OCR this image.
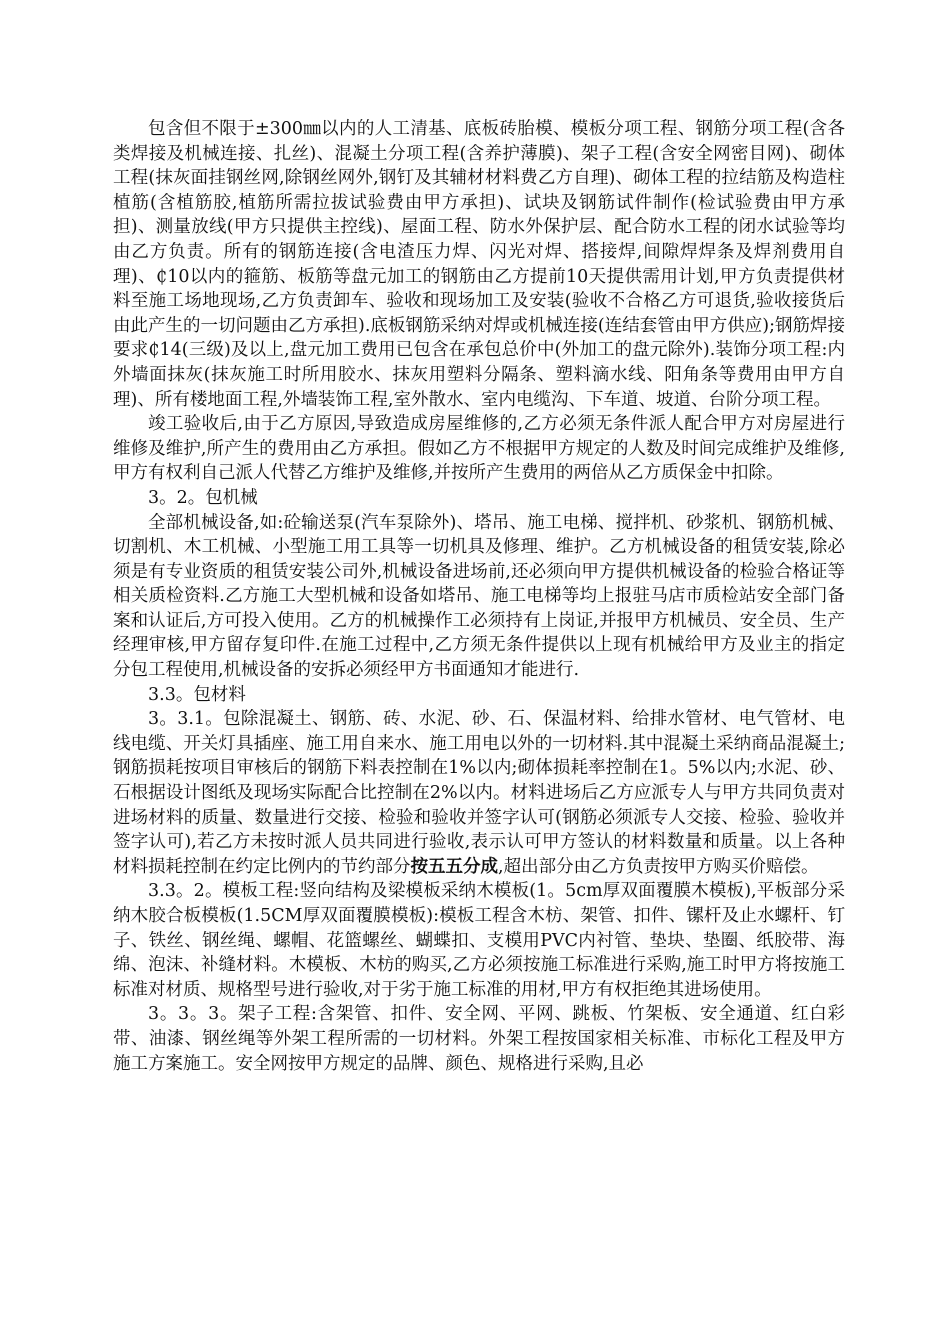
包含但不限于±300㎜以内的人工清基、底板砖胎模、模板分项工程、钢筋分项工程(含各类焊接及机械连接、扎丝)、混凝土分项工程(含养护薄膜)、架子工程(含安全网密目网)、砌体工程(抹灰面挂钢丝网,除钢丝网外,钢钉及其辅材材料费乙方自理)、砌体工程的拉结筋及构造柱植筋(含植筋胶,植筋所需拉拔试验费由甲方承担)、试块及钢筋试件制作(检试验费由甲方承担)、测量放线(甲方只提供主控线)、屋面工程、防水外保护层、配合防水工程的闭水试验等均由乙方负责。所有的钢筋连接(含电渣压力焊、闪光对焊、搭接焊,间隙焊焊条及焊剂费用自理)、₵10以内的箍筋、板筋等盘元加工的钢筋由乙方提前10天提供需用计划,甲方负责提供材料至施工场地现场,乙方负责卸车、验收和现场加工及安装(验收不合格乙方可退货,验收接货后由此产生的一切问题由乙方承担).底板钢筋采纳对焊或机械连接(连结套管由甲方供应);钢筋焊接要求₵14(三级)及以上,盘元加工费用已包含在承包总价中(外加工的盘元除外).装饰分项工程:内外墙面抹灰(抹灰施工时所用胶水、抹灰用塑料分隔条、塑料滴水线、阳角条等费用由甲方自理)、所有楼地面工程,外墙装饰工程,室外散水、室内电缆沟、下车道、坡道、台阶分项工程。

竣工验收后,由于乙方原因,导致造成房屋维修的,乙方必须无条件派人配合甲方对房屋进行维修及维护,所产生的费用由乙方承担。假如乙方不根据甲方规定的人数及时间完成维护及维修,甲方有权利自己派人代替乙方维护及维修,并按所产生费用的两倍从乙方质保金中扣除。

3。2。包机械

全部机械设备,如:砼输送泵(汽车泵除外)、塔吊、施工电梯、搅拌机、砂浆机、钢筋机械、切割机、木工机械、小型施工用工具等一切机具及修理、维护。乙方机械设备的租赁安装,除必须是有专业资质的租赁安装公司外,机械设备进场前,还必须向甲方提供机械设备的检验合格证等相关质检资料.乙方施工大型机械和设备如塔吊、施工电梯等均上报驻马店市质检站安全部门备案和认证后,方可投入使用。乙方的机械操作工必须持有上岗证,并报甲方机械员、安全员、生产经理审核,甲方留存复印件.在施工过程中,乙方须无条件提供以上现有机械给甲方及业主的指定分包工程使用,机械设备的安拆必须经甲方书面通知才能进行.

3.3。包材料

3。3.1。包除混凝土、钢筋、砖、水泥、砂、石、保温材料、给排水管材、电气管材、电线电缆、开关灯具插座、施工用自来水、施工用电以外的一切材料.其中混凝土采纳商品混凝土;钢筋损耗按项目审核后的钢筋下料表控制在1%以内;砌体损耗率控制在1。5%以内;水泥、砂、石根据设计图纸及现场实际配合比控制在2%以内。材料进场后乙方应派专人与甲方共同负责对进场材料的质量、数量进行交接、检验和验收并签字认可(钢筋必须派专人交接、检验、验收并签字认可),若乙方未按时派人员共同进行验收,表示认可甲方签认的材料数量和质量。以上各种材料损耗控制在约定比例内的节约部分按五五分成,超出部分由乙方负责按甲方购买价赔偿。

3.3。2。模板工程:竖向结构及梁模板采纳木模板(1。5cm厚双面覆膜木模板),平板部分采纳木胶合板模板(1.5CM厚双面覆膜模板):模板工程含木枋、架管、扣件、镙杆及止水螺杆、钉子、铁丝、钢丝绳、螺帽、花篮螺丝、蝴蝶扣、支模用PVC内衬管、垫块、垫圈、纸胶带、海绵、泡沫、补缝材料。木模板、木枋的购买,乙方必须按施工标准进行采购,施工时甲方将按施工标准对材质、规格型号进行验收,对于劣于施工标准的用材,甲方有权拒绝其进场使用。

3。3。3。架子工程:含架管、扣件、安全网、平网、跳板、竹架板、安全通道、红白彩带、油漆、钢丝绳等外架工程所需的一切材料。外架工程按国家相关标准、市标化工程及甲方施工方案施工。安全网按甲方规定的品牌、颜色、规格进行采购,且必
